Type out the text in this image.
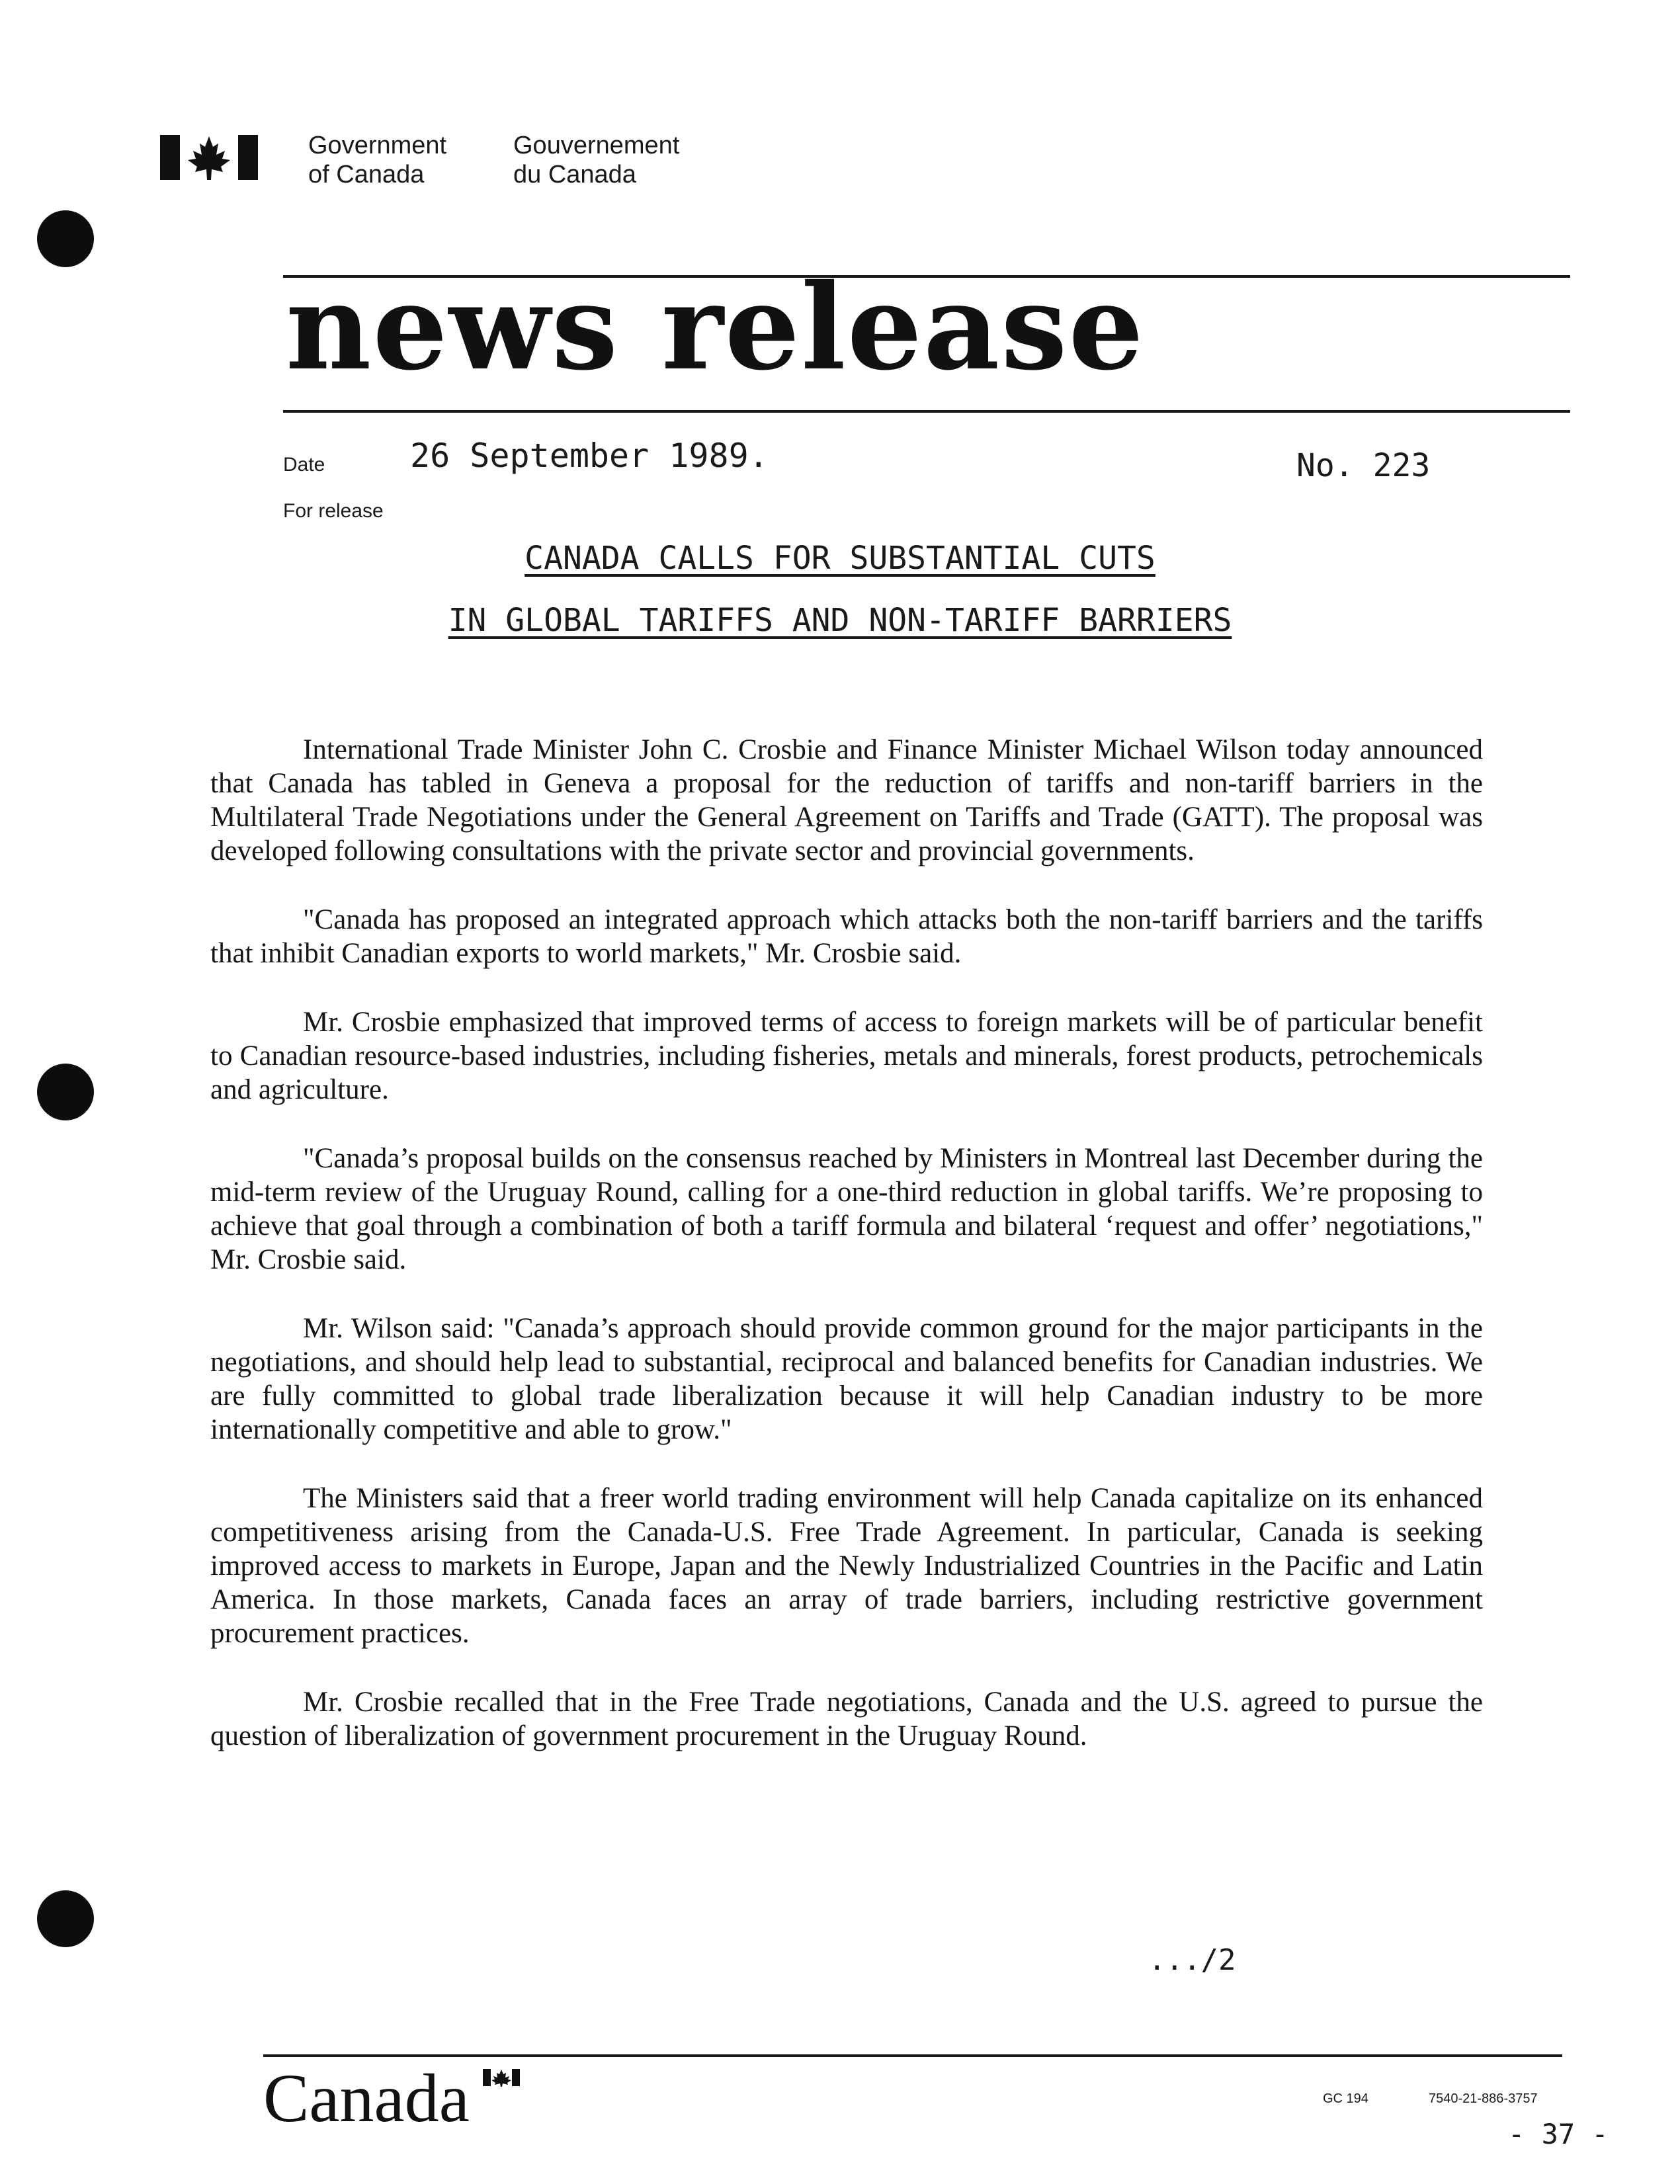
Government
of Canada
Gouvernement
du Canada
news release
Date	26 September 1989.	No. 223
For release
CANADA CALLS FOR SUBSTANTIAL CUTS
IN GLOBAL TARIFFS AND NON-TARIFF BARRIERS

International Trade Minister John C. Crosbie and Finance Minister Michael Wilson today announced that Canada has tabled in Geneva a proposal for the reduction of tariffs and non-tariff barriers in the Multilateral Trade Negotiations under the General Agreement on Tariffs and Trade (GATT). The proposal was developed following consultations with the private sector and provincial governments.

"Canada has proposed an integrated approach which attacks both the non-tariff barriers and the tariffs that inhibit Canadian exports to world markets," Mr. Crosbie said.

Mr. Crosbie emphasized that improved terms of access to foreign markets will be of particular benefit to Canadian resource-based industries, including fisheries, metals and minerals, forest products, petrochemicals and agriculture.

"Canada’s proposal builds on the consensus reached by Ministers in Montreal last December during the mid-term review of the Uruguay Round, calling for a one-third reduction in global tariffs. We’re proposing to achieve that goal through a combination of both a tariff formula and bilateral ‘request and offer’ negotiations," Mr. Crosbie said.

Mr. Wilson said: "Canada’s approach should provide common ground for the major participants in the negotiations, and should help lead to substantial, reciprocal and balanced benefits for Canadian industries. We are fully committed to global trade liberalization because it will help Canadian industry to be more internationally competitive and able to grow."

The Ministers said that a freer world trading environment will help Canada capitalize on its enhanced competitiveness arising from the Canada-U.S. Free Trade Agreement. In particular, Canada is seeking improved access to markets in Europe, Japan and the Newly Industrialized Countries in the Pacific and Latin America. In those markets, Canada faces an array of trade barriers, including restrictive government procurement practices.

Mr. Crosbie recalled that in the Free Trade negotiations, Canada and the U.S. agreed to pursue the question of liberalization of government procurement in the Uruguay Round.

.../2
Canada	GC 194	7540-21-886-3757
- 37 -
